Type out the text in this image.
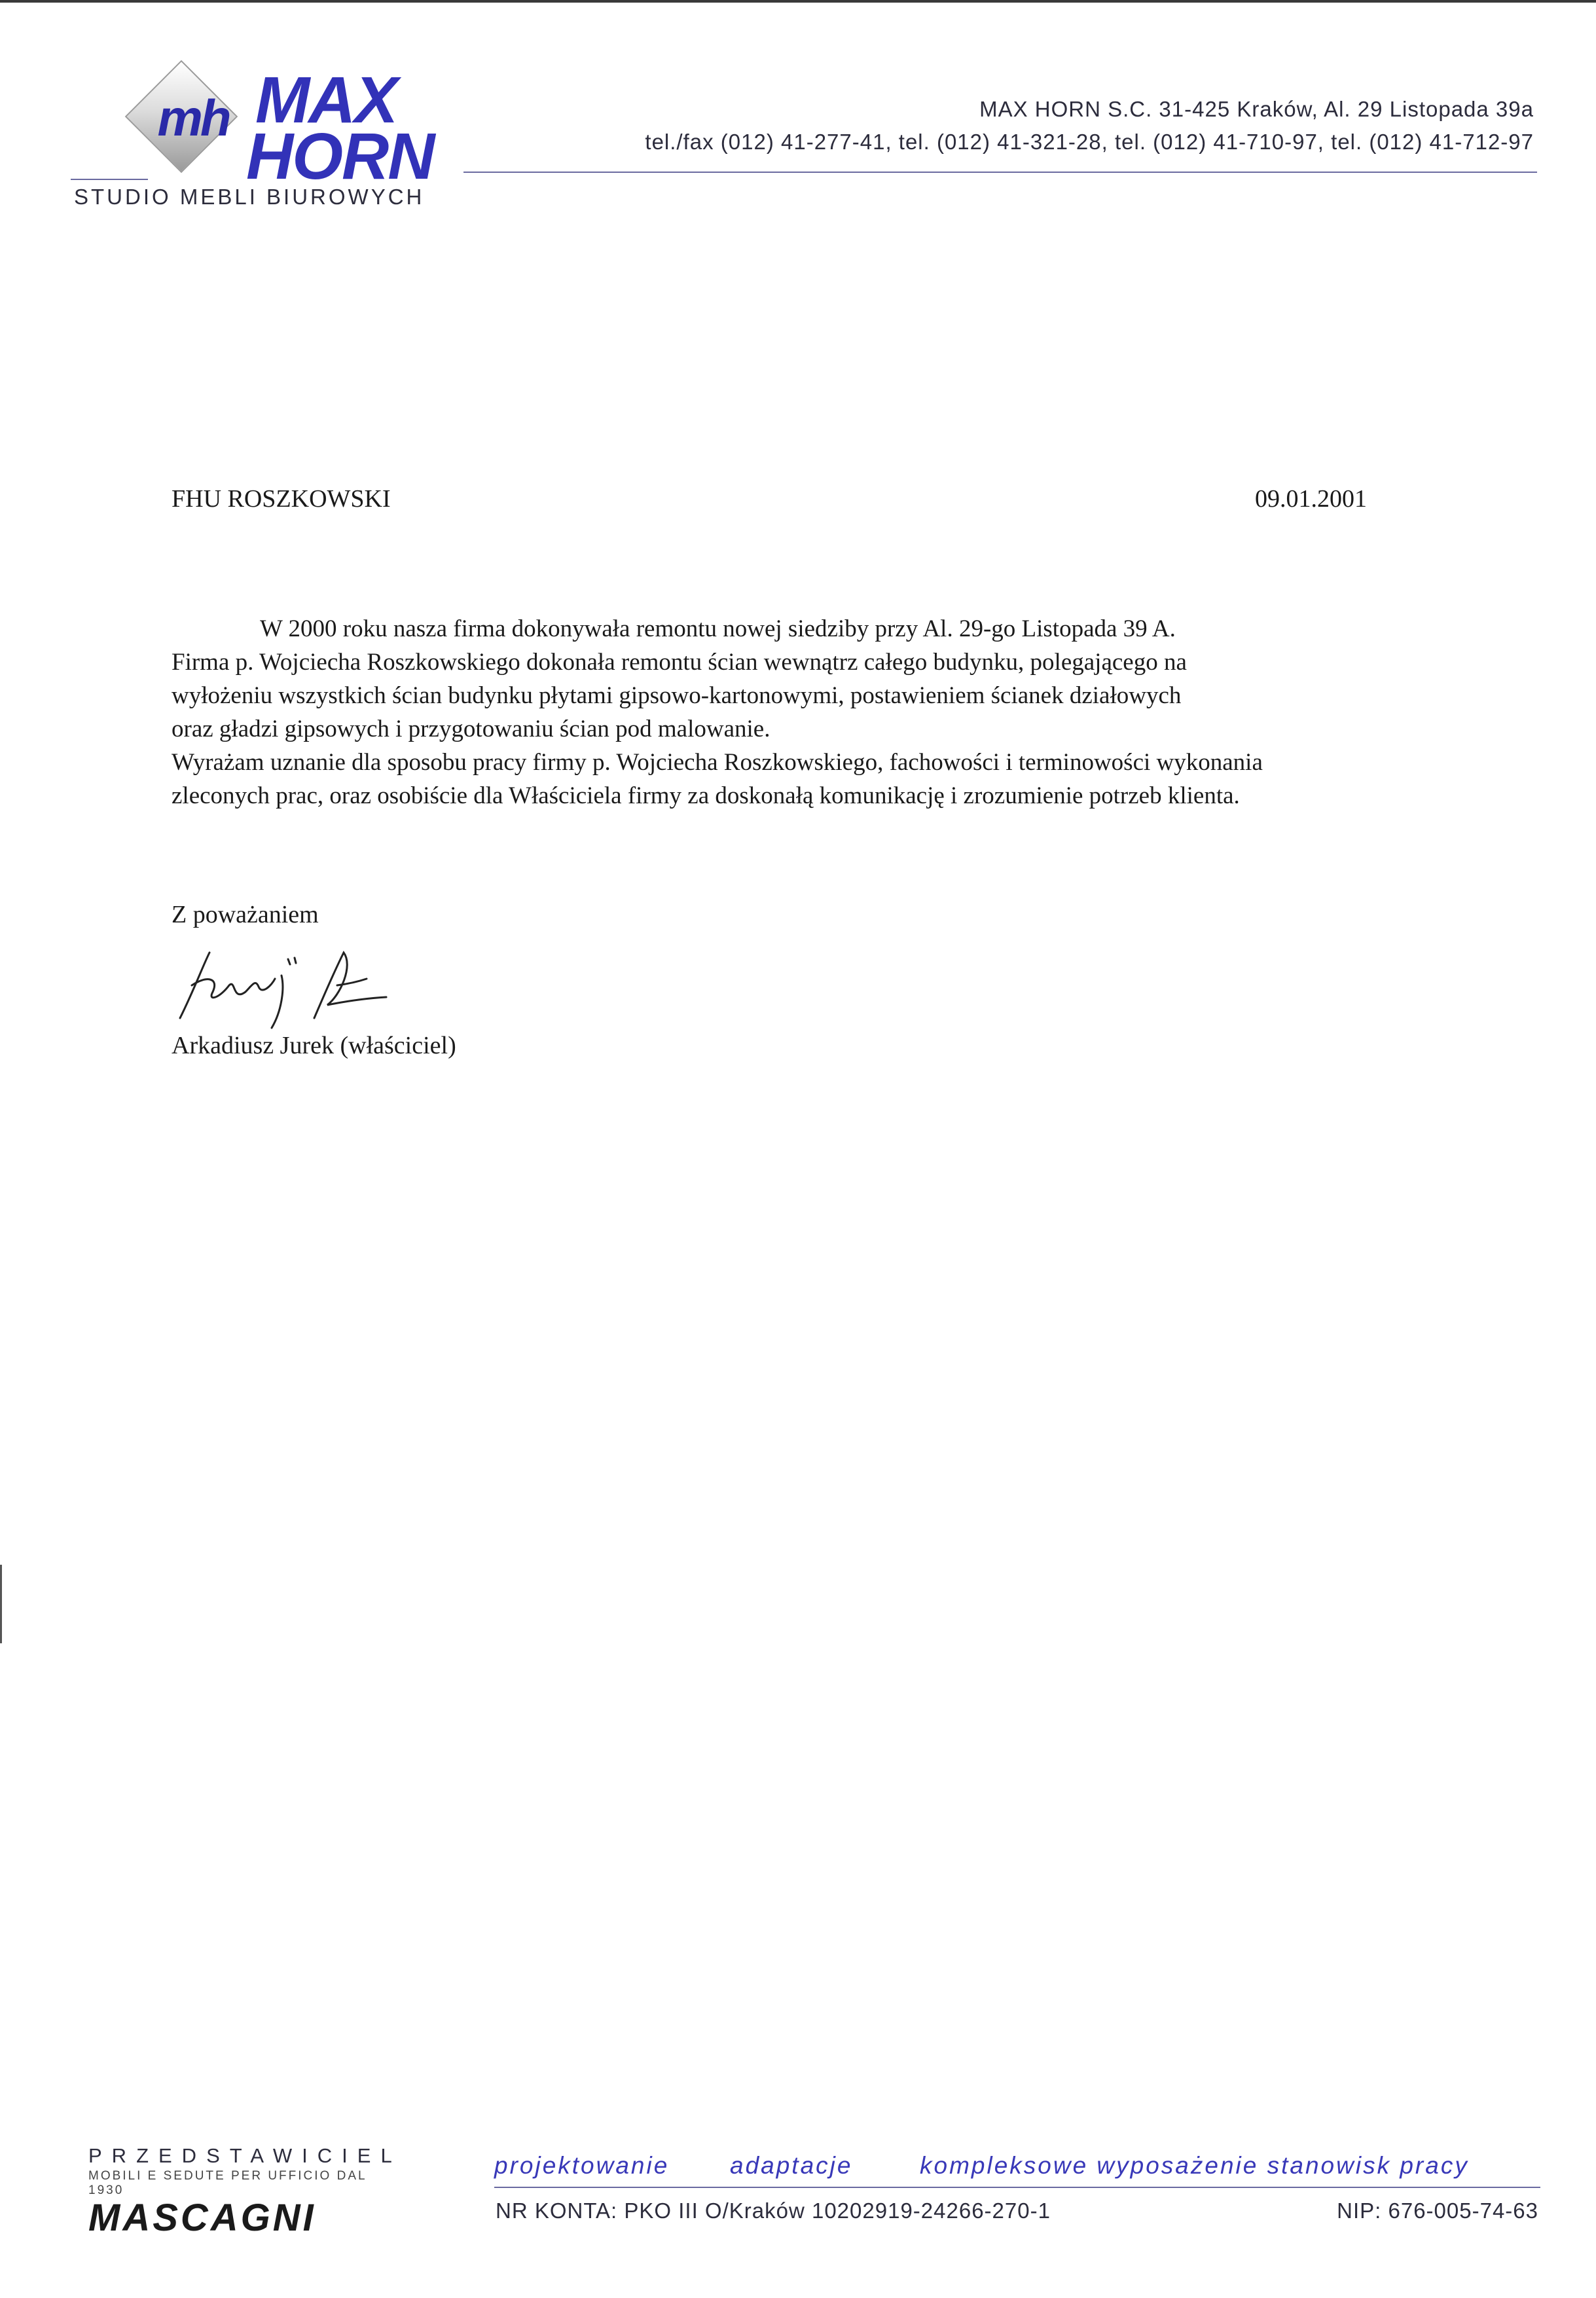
mh MAX
HORN
STUDIO MEBLI BIUROWYCH
MAX HORN S.C. 31-425 Kraków, Al. 29 Listopada 39a
tel./fax (012) 41-277-41, tel. (012) 41-321-28, tel. (012) 41-710-97, tel. (012) 41-712-97
FHU ROSZKOWSKI	09.01.2001
W 2000 roku nasza firma dokonywała remontu nowej siedziby przy Al. 29-go Listopada 39 A.
Firma p. Wojciecha Roszkowskiego dokonała remontu ścian wewnątrz całego budynku, polegającego na
wyłożeniu wszystkich ścian budynku płytami gipsowo-kartonowymi, postawieniem ścianek działowych
oraz gładzi gipsowych i przygotowaniu ścian pod malowanie.
Wyrażam uznanie dla sposobu pracy firmy p. Wojciecha Roszkowskiego, fachowości i terminowości wykonania
zleconych prac, oraz osobiście dla Właściciela firmy za doskonałą komunikację i zrozumienie potrzeb klienta.
Z poważaniem
Arkadiusz Jurek (właściciel)
PRZEDSTAWICIEL
MOBILI E SEDUTE PER UFFICIO DAL 1930
MASCAGNI
projektowanie	adaptacje	kompleksowe wyposażenie stanowisk pracy
NR KONTA: PKO III O/Kraków 10202919-24266-270-1	NIP: 676-005-74-63
